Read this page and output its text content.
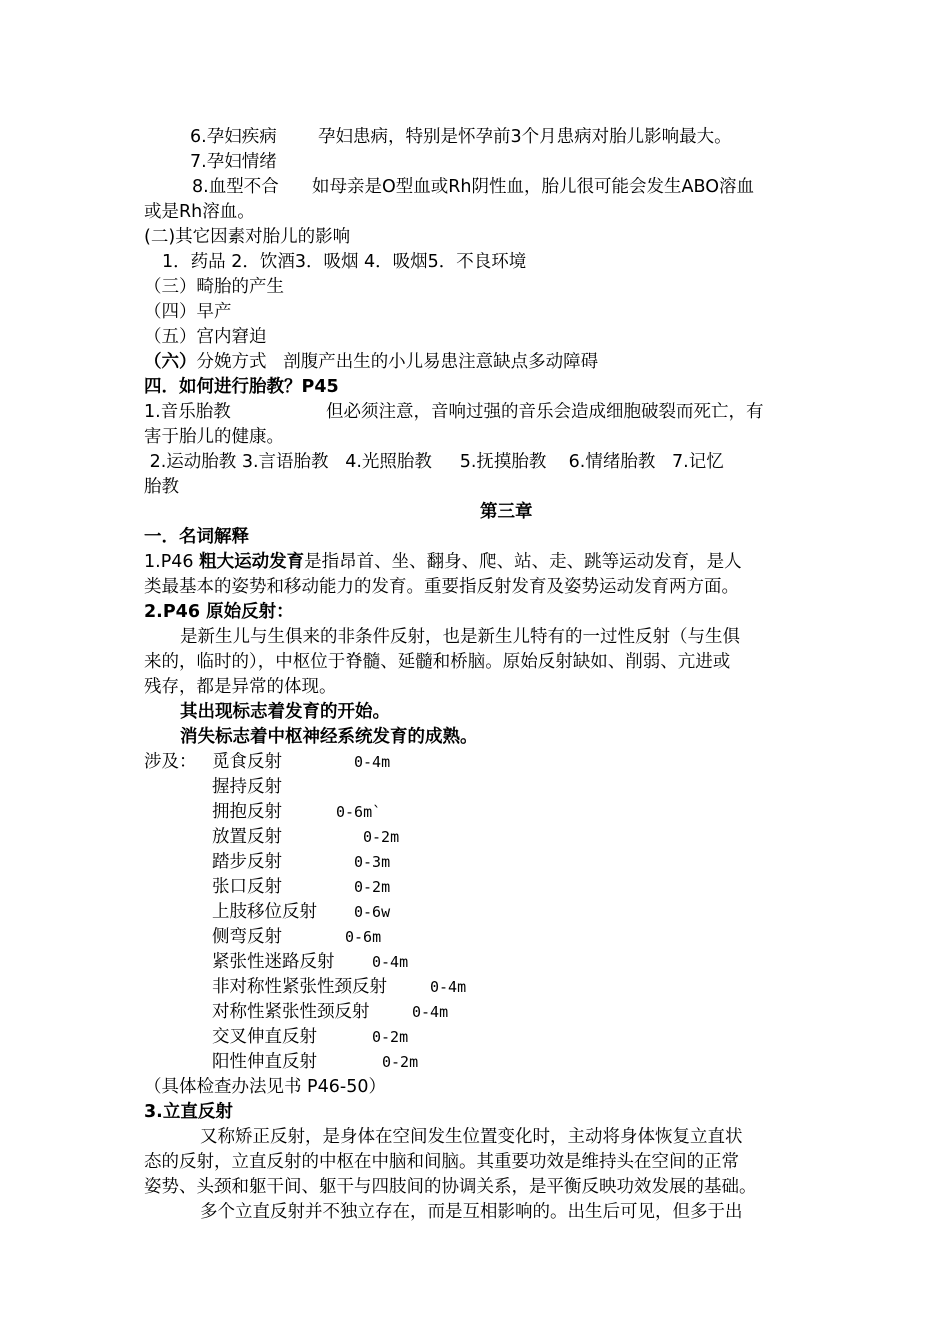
6.孕妇疾病 孕妇患病，特别是怀孕前3个月患病对胎儿影响最大。
7.孕妇情绪
8.血型不合 如母亲是O型血或Rh阴性血，胎儿很可能会发生ABO溶血
或是Rh溶血。
(二)其它因素对胎儿的影响
1．药品 2．饮酒3．吸烟 4．吸烟5．不良环境
（三）畸胎的产生
（四）早产
（五）宫内窘迫
（六）分娩方式   剖腹产出生的小儿易患注意缺点多动障碍
四．如何进行胎教？P45
1.音乐胎教	但必须注意，音响过强的音乐会造成细胞破裂而死亡，有
害于胎儿的健康。
2.运动胎教 3.言语胎教   4.光照胎教     5.抚摸胎教    6.情绪胎教   7.记忆
胎教
第三章
一．名词解释
1.P46 粗大运动发育是指昂首、坐、翻身、爬、站、走、跳等运动发育，是人
类最基本的姿势和移动能力的发育。重要指反射发育及姿势运动发育两方面。
2.P46 原始反射：
是新生儿与生俱来的非条件反射，也是新生儿特有的一过性反射（与生俱
来的，临时的），中枢位于脊髓、延髓和桥脑。原始反射缺如、削弱、亢进或
残存，都是异常的体现。
其出现标志着发育的开始。
消失标志着中枢神经系统发育的成熟。
涉及： 觅食反射	0-4m
握持反射
拥抱反射	0-6m`
放置反射	0-2m
踏步反射	0-3m
张口反射	0-2m
上肢移位反射 0-6w
侧弯反射	0-6m
紧张性迷路反射	0-4m
非对称性紧张性颈反射	0-4m
对称性紧张性颈反射	0-4m
交叉伸直反射	0-2m
阳性伸直反射	0-2m
（具体检查办法见书 P46-50）
3.立直反射
又称矫正反射，是身体在空间发生位置变化时，主动将身体恢复立直状
态的反射，立直反射的中枢在中脑和间脑。其重要功效是维持头在空间的正常
姿势、头颈和躯干间、躯干与四肢间的协调关系，是平衡反映功效发展的基础。
多个立直反射并不独立存在，而是互相影响的。出生后可见，但多于出
